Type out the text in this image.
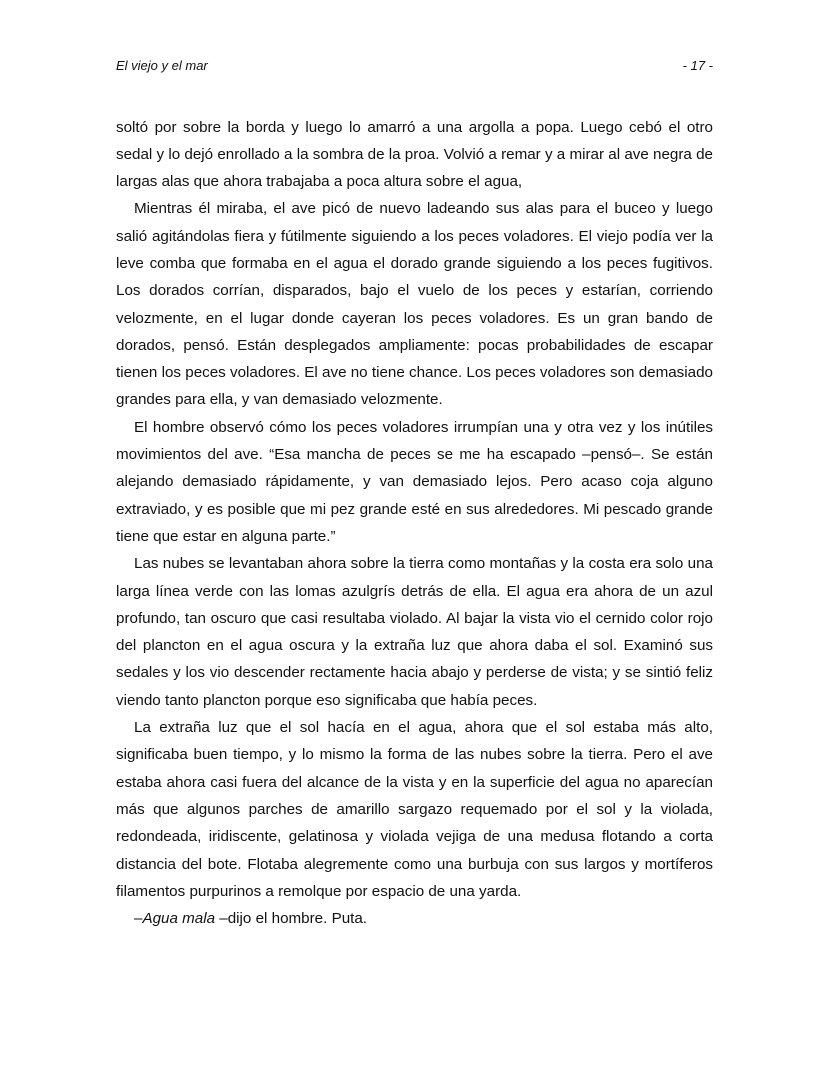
El viejo y el mar	- 17 -

soltó por sobre la borda y luego lo amarró a una argolla a popa. Luego cebó el otro sedal y lo dejó enrollado a la sombra de la proa. Volvió a remar y a mirar al ave negra de largas alas que ahora trabajaba a poca altura sobre el agua,

Mientras él miraba, el ave picó de nuevo ladeando sus alas para el buceo y luego salió agitándolas fiera y fútilmente siguiendo a los peces voladores. El viejo podía ver la leve comba que formaba en el agua el dorado grande siguiendo a los peces fugitivos. Los dorados corrían, disparados, bajo el vuelo de los peces y estarían, corriendo velozmente, en el lugar donde cayeran los peces voladores. Es un gran bando de dorados, pensó. Están desplegados ampliamente: pocas probabilidades de escapar tienen los peces voladores. El ave no tiene chance. Los peces voladores son demasiado grandes para ella, y van demasiado velozmente.

El hombre observó cómo los peces voladores irrumpían una y otra vez y los inútiles movimientos del ave. “Esa mancha de peces se me ha escapado –pensó–. Se están alejando demasiado rápidamente, y van demasiado lejos. Pero acaso coja alguno extraviado, y es posible que mi pez grande esté en sus alrededores. Mi pescado grande tiene que estar en alguna parte.”

Las nubes se levantaban ahora sobre la tierra como montañas y la costa era solo una larga línea verde con las lomas azulgrís detrás de ella. El agua era ahora de un azul profundo, tan oscuro que casi resultaba violado. Al bajar la vista vio el cernido color rojo del plancton en el agua oscura y la extraña luz que ahora daba el sol. Examinó sus sedales y los vio descender rectamente hacia abajo y perderse de vista; y se sintió feliz viendo tanto plancton porque eso significaba que había peces.

La extraña luz que el sol hacía en el agua, ahora que el sol estaba más alto, significaba buen tiempo, y lo mismo la forma de las nubes sobre la tierra. Pero el ave estaba ahora casi fuera del alcance de la vista y en la superficie del agua no aparecían más que algunos parches de amarillo sargazo requemado por el sol y la violada, redondeada, iridiscente, gelatinosa y violada vejiga de una medusa flotando a corta distancia del bote. Flotaba alegremente como una burbuja con sus largos y mortíferos filamentos purpurinos a remolque por espacio de una yarda.

–Agua mala –dijo el hombre. Puta.
